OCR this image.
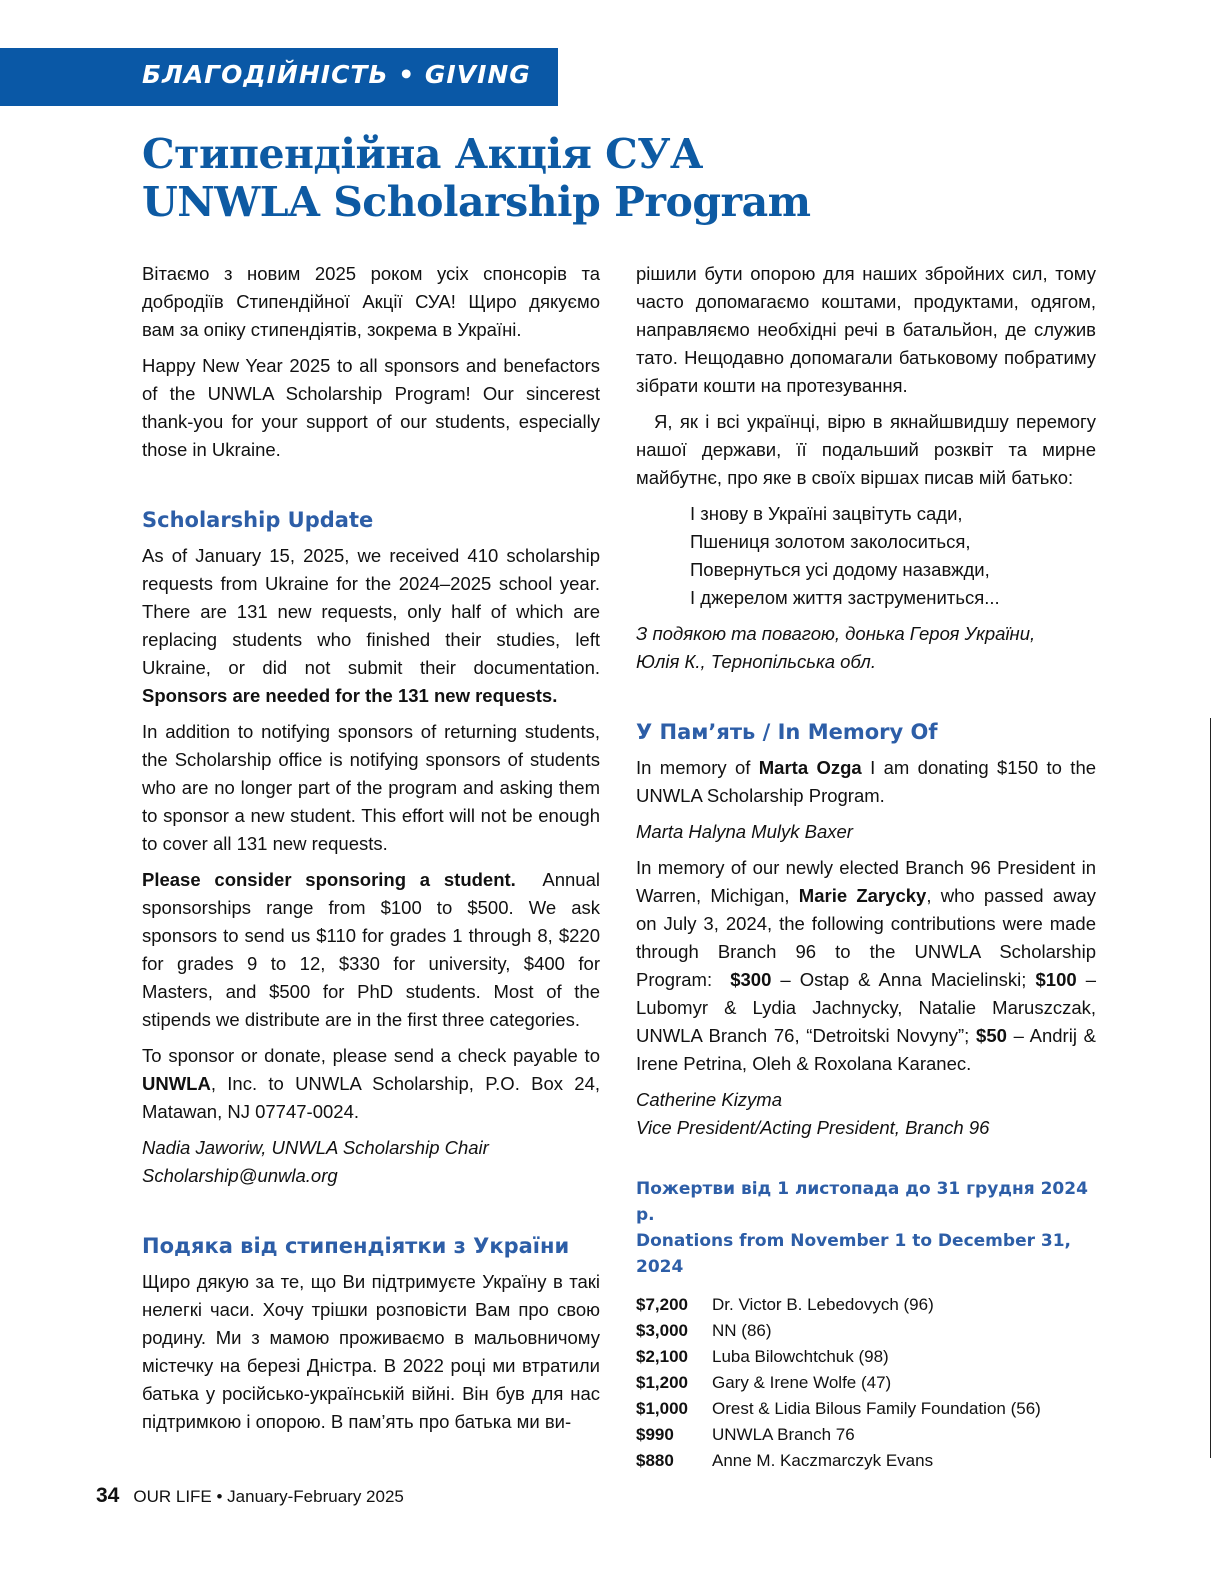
БЛАГОДІЙНІСТЬ • GIVING
Стипендійна Акція СУА
UNWLA Scholarship Program

Вітаємо з новим 2025 роком усіх спонсорів та добродіїв Стипендійної Акції СУА! Щиро дякуємо вам за опіку стипендіятів, зокрема в Україні.

Happy New Year 2025 to all sponsors and benefactors of the UNWLA Scholarship Program! Our sincerest thank-you for your support of our students, especially those in Ukraine.

Scholarship Update

As of January 15, 2025, we received 410 scholarship requests from Ukraine for the 2024–2025 school year. There are 131 new requests, only half of which are replacing students who finished their studies, left Ukraine, or did not submit their documentation. Sponsors are needed for the 131 new requests.

In addition to notifying sponsors of returning students, the Scholarship office is notifying sponsors of students who are no longer part of the program and asking them to sponsor a new student. This effort will not be enough to cover all 131 new requests.

Please consider sponsoring a student. Annual sponsorships range from $100 to $500. We ask sponsors to send us $110 for grades 1 through 8, $220 for grades 9 to 12, $330 for university, $400 for Masters, and $500 for PhD students. Most of the stipends we distribute are in the first three categories.

To sponsor or donate, please send a check payable to UNWLA, Inc. to UNWLA Scholarship, P.O. Box 24, Matawan, NJ 07747-0024.

Nadia Jaworiw, UNWLA Scholarship Chair
Scholarship@unwla.org

Подяка від стипендіятки з України

Щиро дякую за те, що Ви підтримуєте Україну в такі нелегкі часи. Хочу трішки розповісти Вам про свою родину. Ми з мамою проживаємо в мальовничому містечку на березі Дністра. В 2022 році ми втратили батька у російсько-українській війні. Він був для нас підтримкою і опорою. В пам’ять про батька ми ви-

рішили бути опорою для наших збройних сил, тому часто допомагаємо коштами, продуктами, одягом, направляємо необхідні речі в батальйон, де служив тато. Нещодавно допомагали батьковому побратиму зібрати кошти на протезування.

Я, як і всі українці, вірю в якнайшвидшу перемогу нашої держави, її подальший розквіт та мирне майбутнє, про яке в своїх віршах писав мій батько:

І знову в Україні зацвітуть сади,
Пшениця золотом заколоситься,
Повернуться усі додому назавжди,
І джерелом життя заструмениться...

З подякою та повагою, донька Героя України,
Юлія К., Тернопільська обл.

У Пам’ять / In Memory Of

In memory of Marta Ozga I am donating $150 to the UNWLA Scholarship Program.

Marta Halyna Mulyk Baxer

In memory of our newly elected Branch 96 President in Warren, Michigan, Marie Zarycky, who passed away on July 3, 2024, the following contributions were made through Branch 96 to the UNWLA Scholarship Program: $300 – Ostap & Anna Macielinski; $100 – Lubomyr & Lydia Jachnycky, Natalie Maruszczak, UNWLA Branch 76, “Detroitski Novyny”; $50 – Andrij & Irene Petrina, Oleh & Roxolana Karanec.

Catherine Kizyma
Vice President/Acting President, Branch 96

Пожертви від 1 листопада до 31 грудня 2024 р.
Donations from November 1 to December 31, 2024
$7,200	Dr. Victor B. Lebedovych (96)
$3,000	NN (86)
$2,100	Luba Bilowchtchuk (98)
$1,200	Gary & Irene Wolfe (47)
$1,000	Orest & Lidia Bilous Family Foundation (56)
$990	UNWLA Branch 76
$880	Anne M. Kaczmarczyk Evans
34 OUR LIFE • January-February 2025
